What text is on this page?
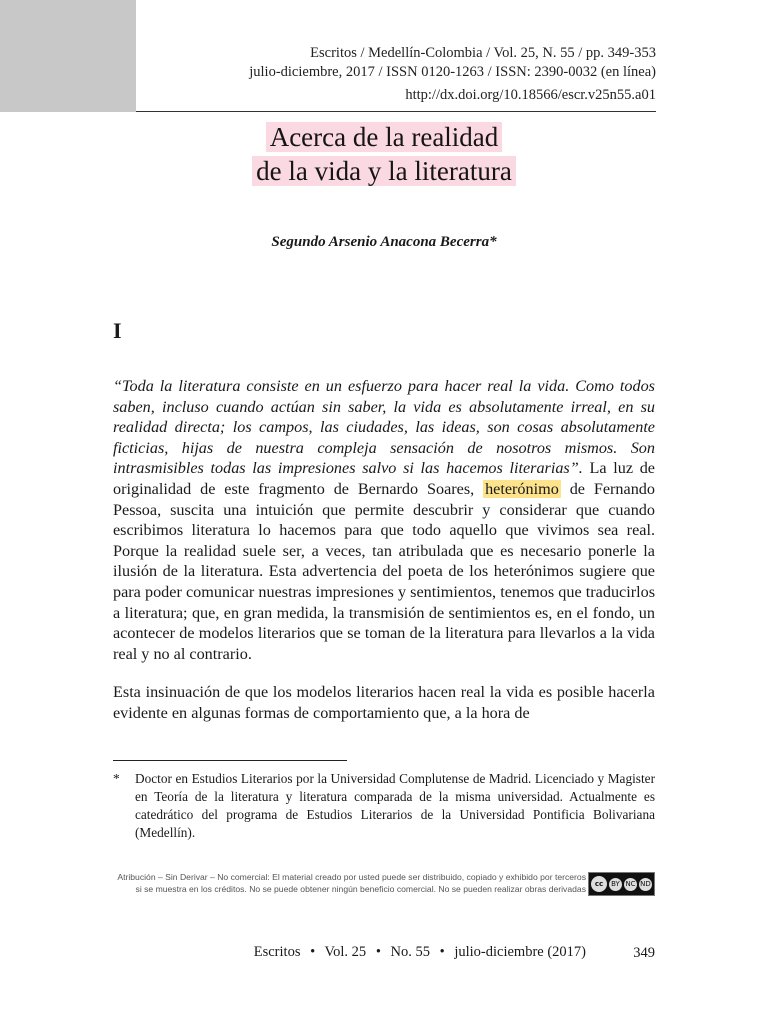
Escritos / Medellín-Colombia / Vol. 25, N. 55 / pp. 349-353
julio-diciembre, 2017 / ISSN 0120-1263 / ISSN: 2390-0032 (en línea)
http://dx.doi.org/10.18566/escr.v25n55.a01
Acerca de la realidad
de la vida y la literatura
Segundo Arsenio Anacona Becerra*
I
“Toda la literatura consiste en un esfuerzo para hacer real la vida. Como todos saben, incluso cuando actúan sin saber, la vida es absolutamente irreal, en su realidad directa; los campos, las ciudades, las ideas, son cosas absolutamente ficticias, hijas de nuestra compleja sensación de nosotros mismos. Son intrasmisibles todas las impresiones salvo si las hacemos literarias”. La luz de originalidad de este fragmento de Bernardo Soares, heterónimo de Fernando Pessoa, suscita una intuición que permite descubrir y considerar que cuando escribimos literatura lo hacemos para que todo aquello que vivimos sea real. Porque la realidad suele ser, a veces, tan atribulada que es necesario ponerle la ilusión de la literatura. Esta advertencia del poeta de los heterónimos sugiere que para poder comunicar nuestras impresiones y sentimientos, tenemos que traducirlos a literatura; que, en gran medida, la transmisión de sentimientos es, en el fondo, un acontecer de modelos literarios que se toman de la literatura para llevarlos a la vida real y no al contrario.
Esta insinuación de que los modelos literarios hacen real la vida es posible hacerla evidente en algunas formas de comportamiento que, a la hora de
* Doctor en Estudios Literarios por la Universidad Complutense de Madrid. Licenciado y Magister en Teoría de la literatura y literatura comparada de la misma universidad. Actualmente es catedrático del programa de Estudios Literarios de la Universidad Pontificia Bolivariana (Medellín).
Atribución – Sin Derivar – No comercial: El material creado por usted puede ser distribuido, copiado y exhibido por terceros
si se muestra en los créditos. No se puede obtener ningún beneficio comercial. No se pueden realizar obras derivadas	cc	BY NC ND
Escritos • Vol. 25 • No. 55 • julio-diciembre (2017)	349
